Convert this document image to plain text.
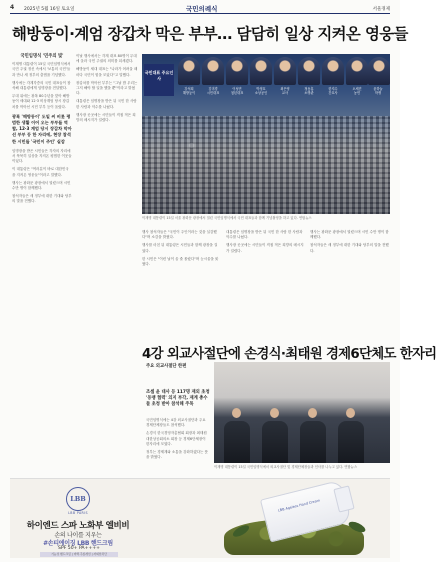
4 2025년 5월 16일 토요일	국민의례식	서울경제
해방둥이·계엄 장갑차 막은 부부… 담담히 일상 지켜온 영웅들
국민임명식 '민주의 빛'
이재명 대통령이 15일 국민임명식에서 국민 주권 정신 속에서 '보통의 국민'들과 만나 새 정부의 출범을 기념했다.
행사에는 각계각층의 국민 대표들이 참석해 대통령에게 임명장을 전달했다.
무대 위에는 광복 80주년을 맞아 해방둥이 세대와 12·3 비상계엄 당시 장갑차를 막아선 시민 부부 등이 올랐다.
광복 '해방둥이' 도일 씨 비롯 평범한 생활 이어 오는 부부들 역할, 12·3 계엄 당시 장갑차 막아선 부부 등 한 자리에, 현장 참석한 시민들 '국민이 주인' 실감
임명장을 받은 시민들은 각자의 자리에서 묵묵히 일상을 지켜온 평범한 이웃들이었다.
이 대통령은 "여러분이 바로 대한민국을 지켜온 영웅들"이라고 말했다.
행사는 광화문 광장에서 열렸으며 시민 수만 명이 함께했다.
참석자들은 새 정부에 대한 기대와 당부의 말을 전했다.
이날 행사에서는 각계 대표 80명이 무대에 올라 국민 주권의 의미를 되새겼다.
해방둥이 세대 대표는 "나라가 어려울 때마다 국민이 힘을 모았다"고 말했다.
장갑차를 막아선 부부는 "그날 밤 우리는 그저 해야 할 일을 했을 뿐"이라고 밝혔다.
대통령은 임명장을 받은 뒤 국민 한 사람 한 사람과 악수를 나눴다.
행사장 곳곳에는 시민들이 직접 적은 희망의 메시지가 걸렸다.
국민대표 주요인사
강석희
해방둥이
김미경
시민대표
이성민
청년대표
박정호
소상공인
최은영
교사
정동훈
소방관
한지수
간호사
오세진
농민
윤하늘
학생
이재명 대통령이 15일 서울 광화문 광장에서 열린 국민임명식에서 국민 대표들과 함께 기념촬영을 하고 있다. 연합뉴스
행사 참석자들은 "국민이 주인이라는 것을 실감했다"며 소감을 밝혔다.
행사를 마친 뒤 대통령은 시민들과 함께 광장을 걸었다.
한 시민은 "이런 날이 올 줄 몰랐다"며 눈시울을 붉혔다.
대통령은 임명장을 받은 뒤 국민 한 사람 한 사람과 악수를 나눴다.
행사장 곳곳에는 시민들이 직접 적은 희망의 메시지가 걸렸다.
행사는 광화문 광장에서 열렸으며 시민 수만 명이 함께했다.
참석자들은 새 정부에 대한 기대와 당부의 말을 전했다.
4강 외교사절단에 손경식·최태원 경제6단체도 한자리
주요 외교사절단 한편
조셉 윤 대사 등 117명 재외 초청 '동맹 협력' 의지 부각, 재계 총수들 초청 받아 참석해 주목
국민임명식에는 4강 외교사절단과 주요 경제단체장들도 참석했다.
손경식 한국경영자총협회 회장과 최태원 대한상공회의소 회장 등 경제6단체장이 한자리에 모였다.
정부는 경제계와 소통을 강화하겠다는 뜻을 밝혔다.
이재명 대통령이 15일 국민임명식에서 외교사절단 및 경제단체장들과 인사를 나누고 있다. 연합뉴스
LBB
LBB PARIS
하이엔드 스파 노화부 엘비비
손의 나이를 지우는
#손티에이징 LBB 핸드크림
SPF 50+ PA++++
기능성 핸드크림 | 미백·주름개선 | 자외선차단
LBB Ageless Hand Cream
